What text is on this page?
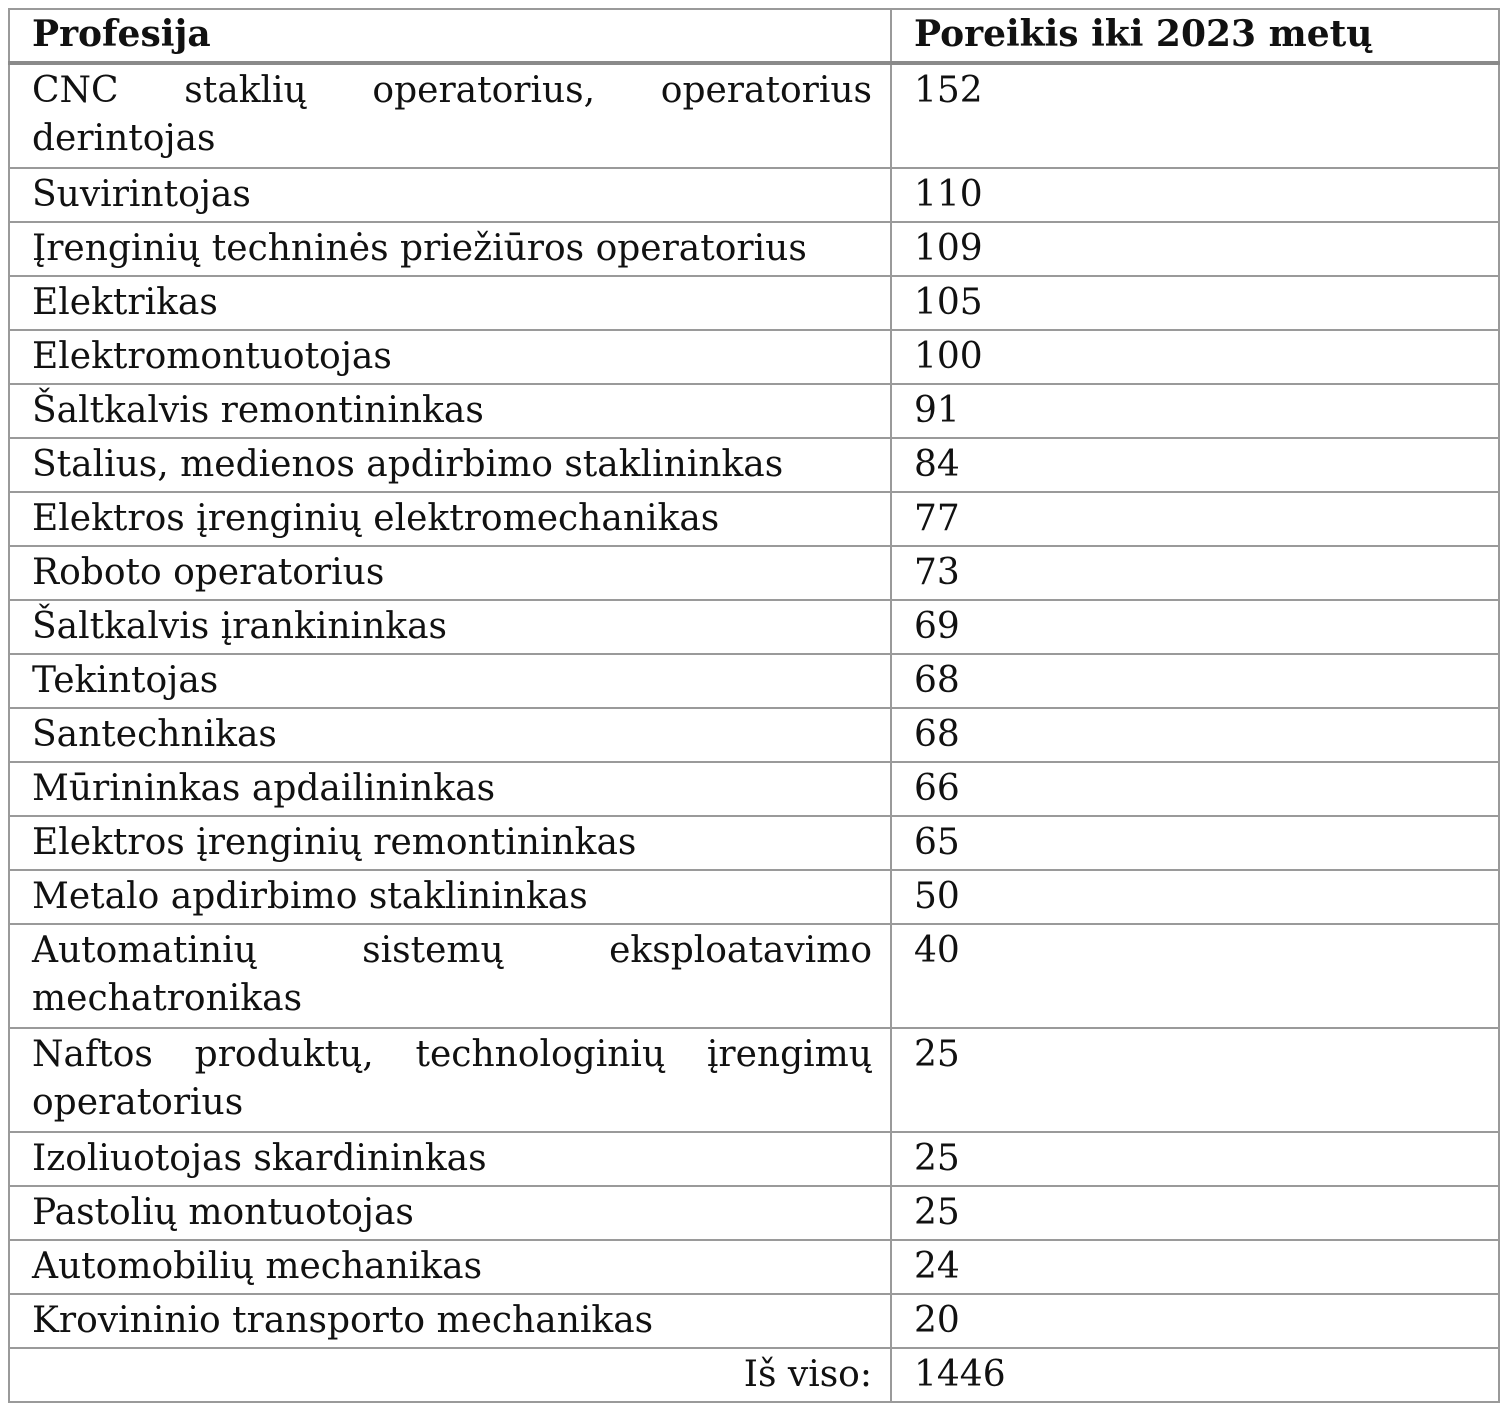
Profesija	Poreikis iki 2023 metų
CNC staklių operatorius, operatorius derintojas	152
Suvirintojas	110
Įrenginių techninės priežiūros operatorius	109
Elektrikas	105
Elektromontuotojas	100
Šaltkalvis remontininkas	91
Stalius, medienos apdirbimo staklininkas	84
Elektros įrenginių elektromechanikas	77
Roboto operatorius	73
Šaltkalvis įrankininkas	69
Tekintojas	68
Santechnikas	68
Mūrininkas apdailininkas	66
Elektros įrenginių remontininkas	65
Metalo apdirbimo staklininkas	50
Automatinių sistemų eksploatavimo mechatronikas	40
Naftos produktų, technologinių įrengimų operatorius	25
Izoliuotojas skardininkas	25
Pastolių montuotojas	25
Automobilių mechanikas	24
Krovininio transporto mechanikas	20
Iš viso:	1446
